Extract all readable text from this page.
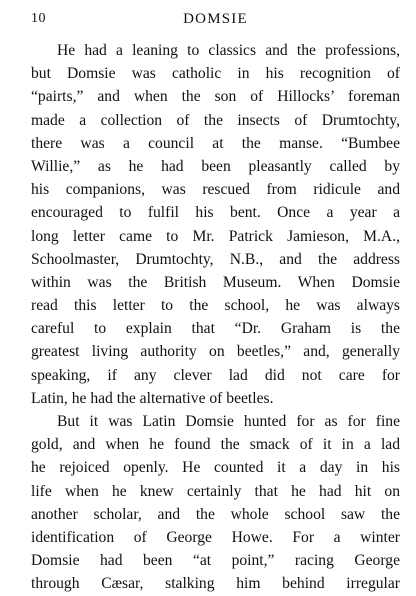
10	DOMSIE
He had a leaning to classics and the professions,
but Domsie was catholic in his recognition of
“pairts,” and when the son of Hillocks’ foreman
made a collection of the insects of Drumtochty,
there was a council at the manse. “Bumbee
Willie,” as he had been pleasantly called by
his companions, was rescued from ridicule and
encouraged to fulfil his bent. Once a year a
long letter came to Mr. Patrick Jamieson, M.A.,
Schoolmaster, Drumtochty, N.B., and the address
within was the British Museum. When Domsie
read this letter to the school, he was always
careful to explain that “Dr. Graham is the
greatest living authority on beetles,” and, generally
speaking, if any clever lad did not care for
Latin, he had the alternative of beetles.
But it was Latin Domsie hunted for as for fine
gold, and when he found the smack of it in a lad
he rejoiced openly. He counted it a day in his
life when he knew certainly that he had hit on
another scholar, and the whole school saw the
identification of George Howe. For a winter
Domsie had been “at point,” racing George
through Cæsar, stalking him behind irregular
